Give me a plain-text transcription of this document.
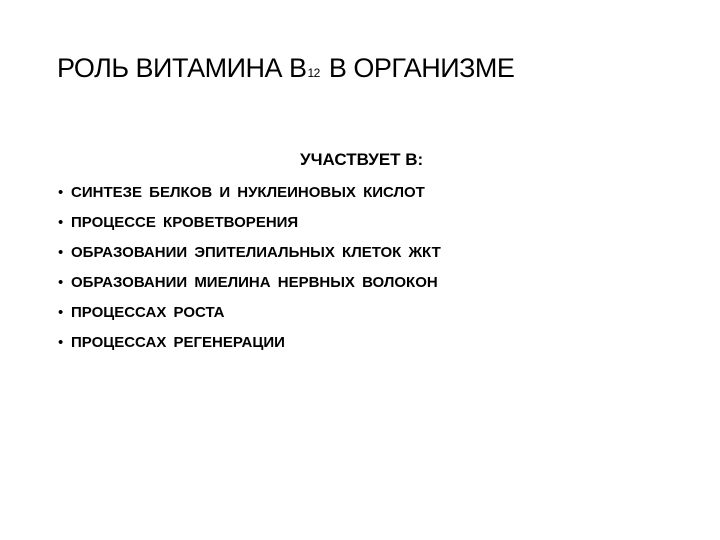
РОЛЬ ВИТАМИНА В12 В ОРГАНИЗМЕ
УЧАСТВУЕТ В:
• СИНТЕЗЕ БЕЛКОВ И НУКЛЕИНОВЫХ КИСЛОТ
• ПРОЦЕССЕ КРОВЕТВОРЕНИЯ
• ОБРАЗОВАНИИ ЭПИТЕЛИАЛЬНЫХ КЛЕТОК ЖКТ
• ОБРАЗОВАНИИ МИЕЛИНА НЕРВНЫХ ВОЛОКОН
• ПРОЦЕССАХ РОСТА
• ПРОЦЕССАХ РЕГЕНЕРАЦИИ
